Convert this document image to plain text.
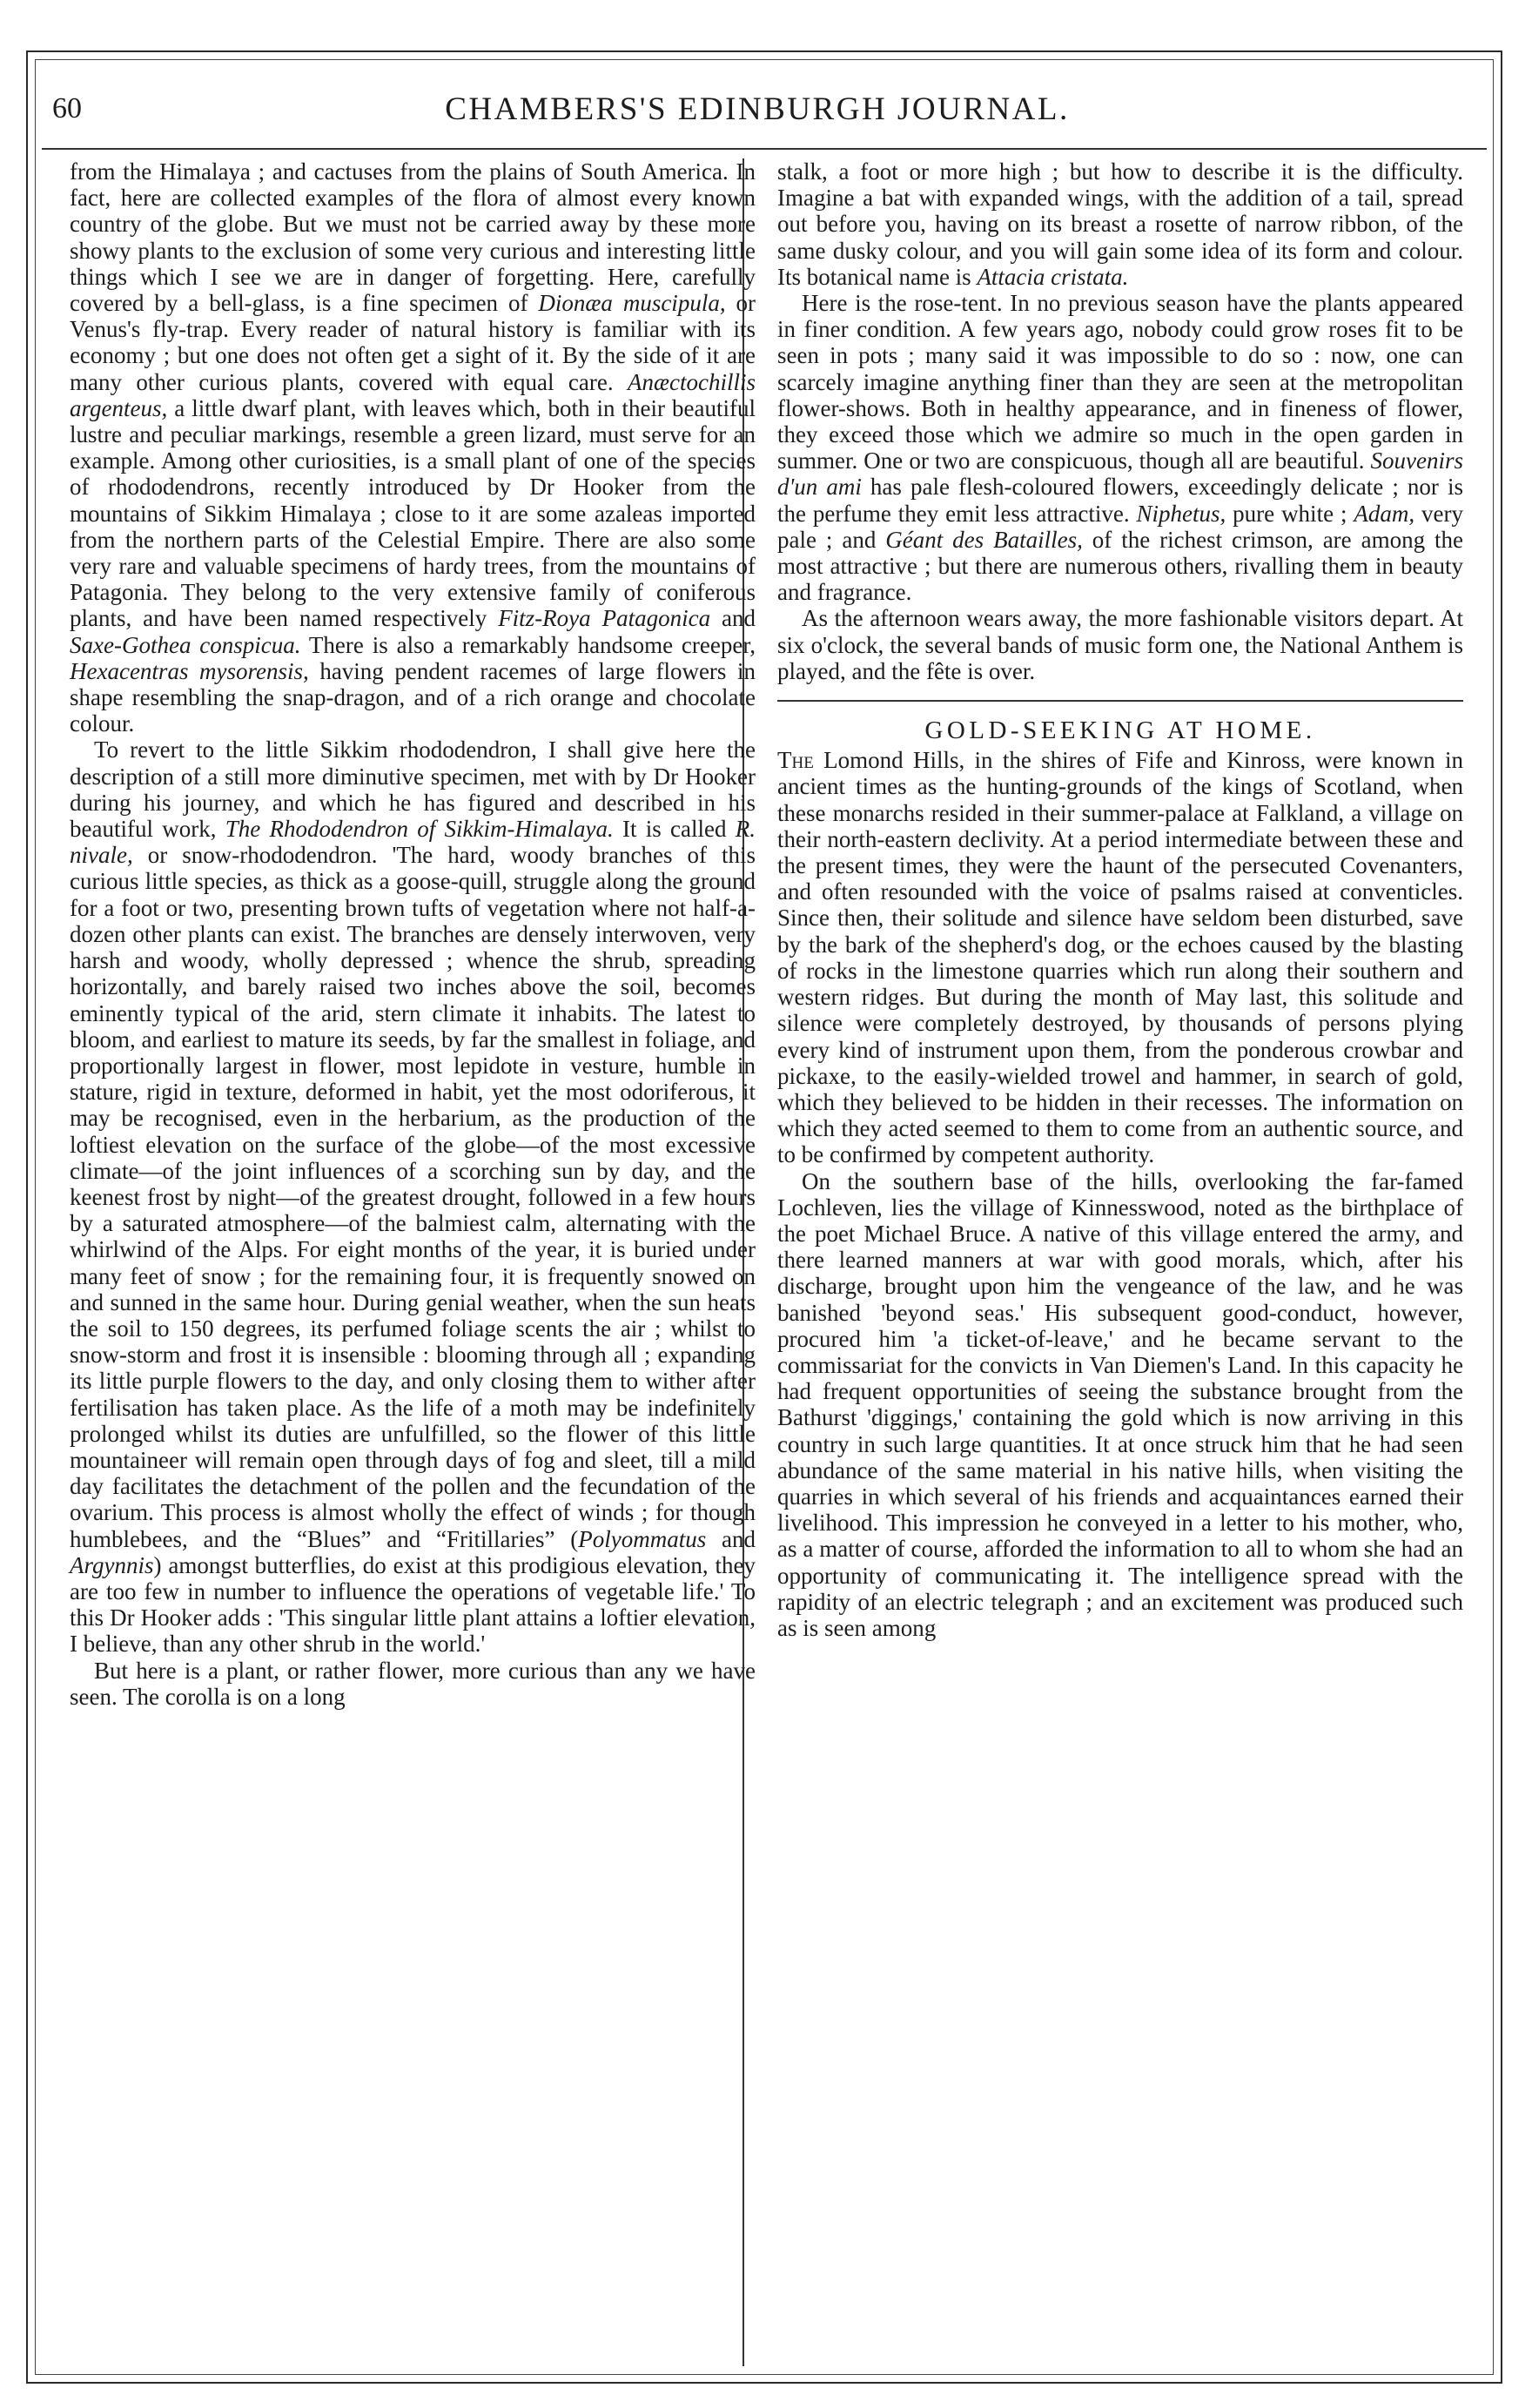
60	CHAMBERS'S EDINBURGH JOURNAL.

from the Himalaya ; and cactuses from the plains of South America. In fact, here are collected examples of the flora of almost every known country of the globe. But we must not be carried away by these more showy plants to the exclusion of some very curious and interesting little things which I see we are in danger of forgetting. Here, carefully covered by a bell-glass, is a fine specimen of Dionæa muscipula, or Venus's fly-trap. Every reader of natural history is familiar with its economy ; but one does not often get a sight of it. By the side of it are many other curious plants, covered with equal care. Anæctochillis argenteus, a little dwarf plant, with leaves which, both in their beautiful lustre and peculiar markings, resemble a green lizard, must serve for an example. Among other curiosities, is a small plant of one of the species of rhododendrons, recently introduced by Dr Hooker from the mountains of Sikkim Himalaya ; close to it are some azaleas imported from the northern parts of the Celestial Empire. There are also some very rare and valuable specimens of hardy trees, from the mountains of Patagonia. They belong to the very extensive family of coniferous plants, and have been named respectively Fitz-Roya Patagonica and Saxe-Gothea conspicua. There is also a remarkably handsome creeper, Hexacentras mysorensis, having pendent racemes of large flowers in shape resembling the snap-dragon, and of a rich orange and chocolate colour.

To revert to the little Sikkim rhododendron, I shall give here the description of a still more diminutive specimen, met with by Dr Hooker during his journey, and which he has figured and described in his beautiful work, The Rhododendron of Sikkim-Himalaya. It is called R. nivale, or snow-rhododendron. 'The hard, woody branches of this curious little species, as thick as a goose-quill, struggle along the ground for a foot or two, presenting brown tufts of vegetation where not half-a-dozen other plants can exist. The branches are densely interwoven, very harsh and woody, wholly depressed ; whence the shrub, spreading horizontally, and barely raised two inches above the soil, becomes eminently typical of the arid, stern climate it inhabits. The latest to bloom, and earliest to mature its seeds, by far the smallest in foliage, and proportionally largest in flower, most lepidote in vesture, humble in stature, rigid in texture, deformed in habit, yet the most odoriferous, it may be recognised, even in the herbarium, as the production of the loftiest elevation on the surface of the globe—of the most excessive climate—of the joint influences of a scorching sun by day, and the keenest frost by night—of the greatest drought, followed in a few hours by a saturated atmosphere—of the balmiest calm, alternating with the whirlwind of the Alps. For eight months of the year, it is buried under many feet of snow ; for the remaining four, it is frequently snowed on and sunned in the same hour. During genial weather, when the sun heats the soil to 150 degrees, its perfumed foliage scents the air ; whilst to snow-storm and frost it is insensible : blooming through all ; expanding its little purple flowers to the day, and only closing them to wither after fertilisation has taken place. As the life of a moth may be indefinitely prolonged whilst its duties are unfulfilled, so the flower of this little mountaineer will remain open through days of fog and sleet, till a mild day facilitates the detachment of the pollen and the fecundation of the ovarium. This process is almost wholly the effect of winds ; for though humblebees, and the “Blues” and “Fritillaries” (Polyommatus and Argynnis) amongst butterflies, do exist at this prodigious elevation, they are too few in number to influence the operations of vegetable life.' To this Dr Hooker adds : 'This singular little plant attains a loftier elevation, I believe, than any other shrub in the world.'

But here is a plant, or rather flower, more curious than any we have seen. The corolla is on a long

stalk, a foot or more high ; but how to describe it is the difficulty. Imagine a bat with expanded wings, with the addition of a tail, spread out before you, having on its breast a rosette of narrow ribbon, of the same dusky colour, and you will gain some idea of its form and colour. Its botanical name is Attacia cristata.

Here is the rose-tent. In no previous season have the plants appeared in finer condition. A few years ago, nobody could grow roses fit to be seen in pots ; many said it was impossible to do so : now, one can scarcely imagine anything finer than they are seen at the metropolitan flower-shows. Both in healthy appearance, and in fineness of flower, they exceed those which we admire so much in the open garden in summer. One or two are conspicuous, though all are beautiful. Souvenirs d'un ami has pale flesh-coloured flowers, exceedingly delicate ; nor is the perfume they emit less attractive. Niphetus, pure white ; Adam, very pale ; and Géant des Batailles, of the richest crimson, are among the most attractive ; but there are numerous others, rivalling them in beauty and fragrance.

As the afternoon wears away, the more fashionable visitors depart. At six o'clock, the several bands of music form one, the National Anthem is played, and the fête is over.

GOLD-SEEKING AT HOME.

The Lomond Hills, in the shires of Fife and Kinross, were known in ancient times as the hunting-grounds of the kings of Scotland, when these monarchs resided in their summer-palace at Falkland, a village on their north-eastern declivity. At a period intermediate between these and the present times, they were the haunt of the persecuted Covenanters, and often resounded with the voice of psalms raised at conventicles. Since then, their solitude and silence have seldom been disturbed, save by the bark of the shepherd's dog, or the echoes caused by the blasting of rocks in the limestone quarries which run along their southern and western ridges. But during the month of May last, this solitude and silence were completely destroyed, by thousands of persons plying every kind of instrument upon them, from the ponderous crowbar and pickaxe, to the easily-wielded trowel and hammer, in search of gold, which they believed to be hidden in their recesses. The information on which they acted seemed to them to come from an authentic source, and to be confirmed by competent authority.

On the southern base of the hills, overlooking the far-famed Lochleven, lies the village of Kinnesswood, noted as the birthplace of the poet Michael Bruce. A native of this village entered the army, and there learned manners at war with good morals, which, after his discharge, brought upon him the vengeance of the law, and he was banished 'beyond seas.' His subsequent good-conduct, however, procured him 'a ticket-of-leave,' and he became servant to the commissariat for the convicts in Van Diemen's Land. In this capacity he had frequent opportunities of seeing the substance brought from the Bathurst 'diggings,' containing the gold which is now arriving in this country in such large quantities. It at once struck him that he had seen abundance of the same material in his native hills, when visiting the quarries in which several of his friends and acquaintances earned their livelihood. This impression he conveyed in a letter to his mother, who, as a matter of course, afforded the information to all to whom she had an opportunity of communicating it. The intelligence spread with the rapidity of an electric telegraph ; and an excitement was produced such as is seen among
